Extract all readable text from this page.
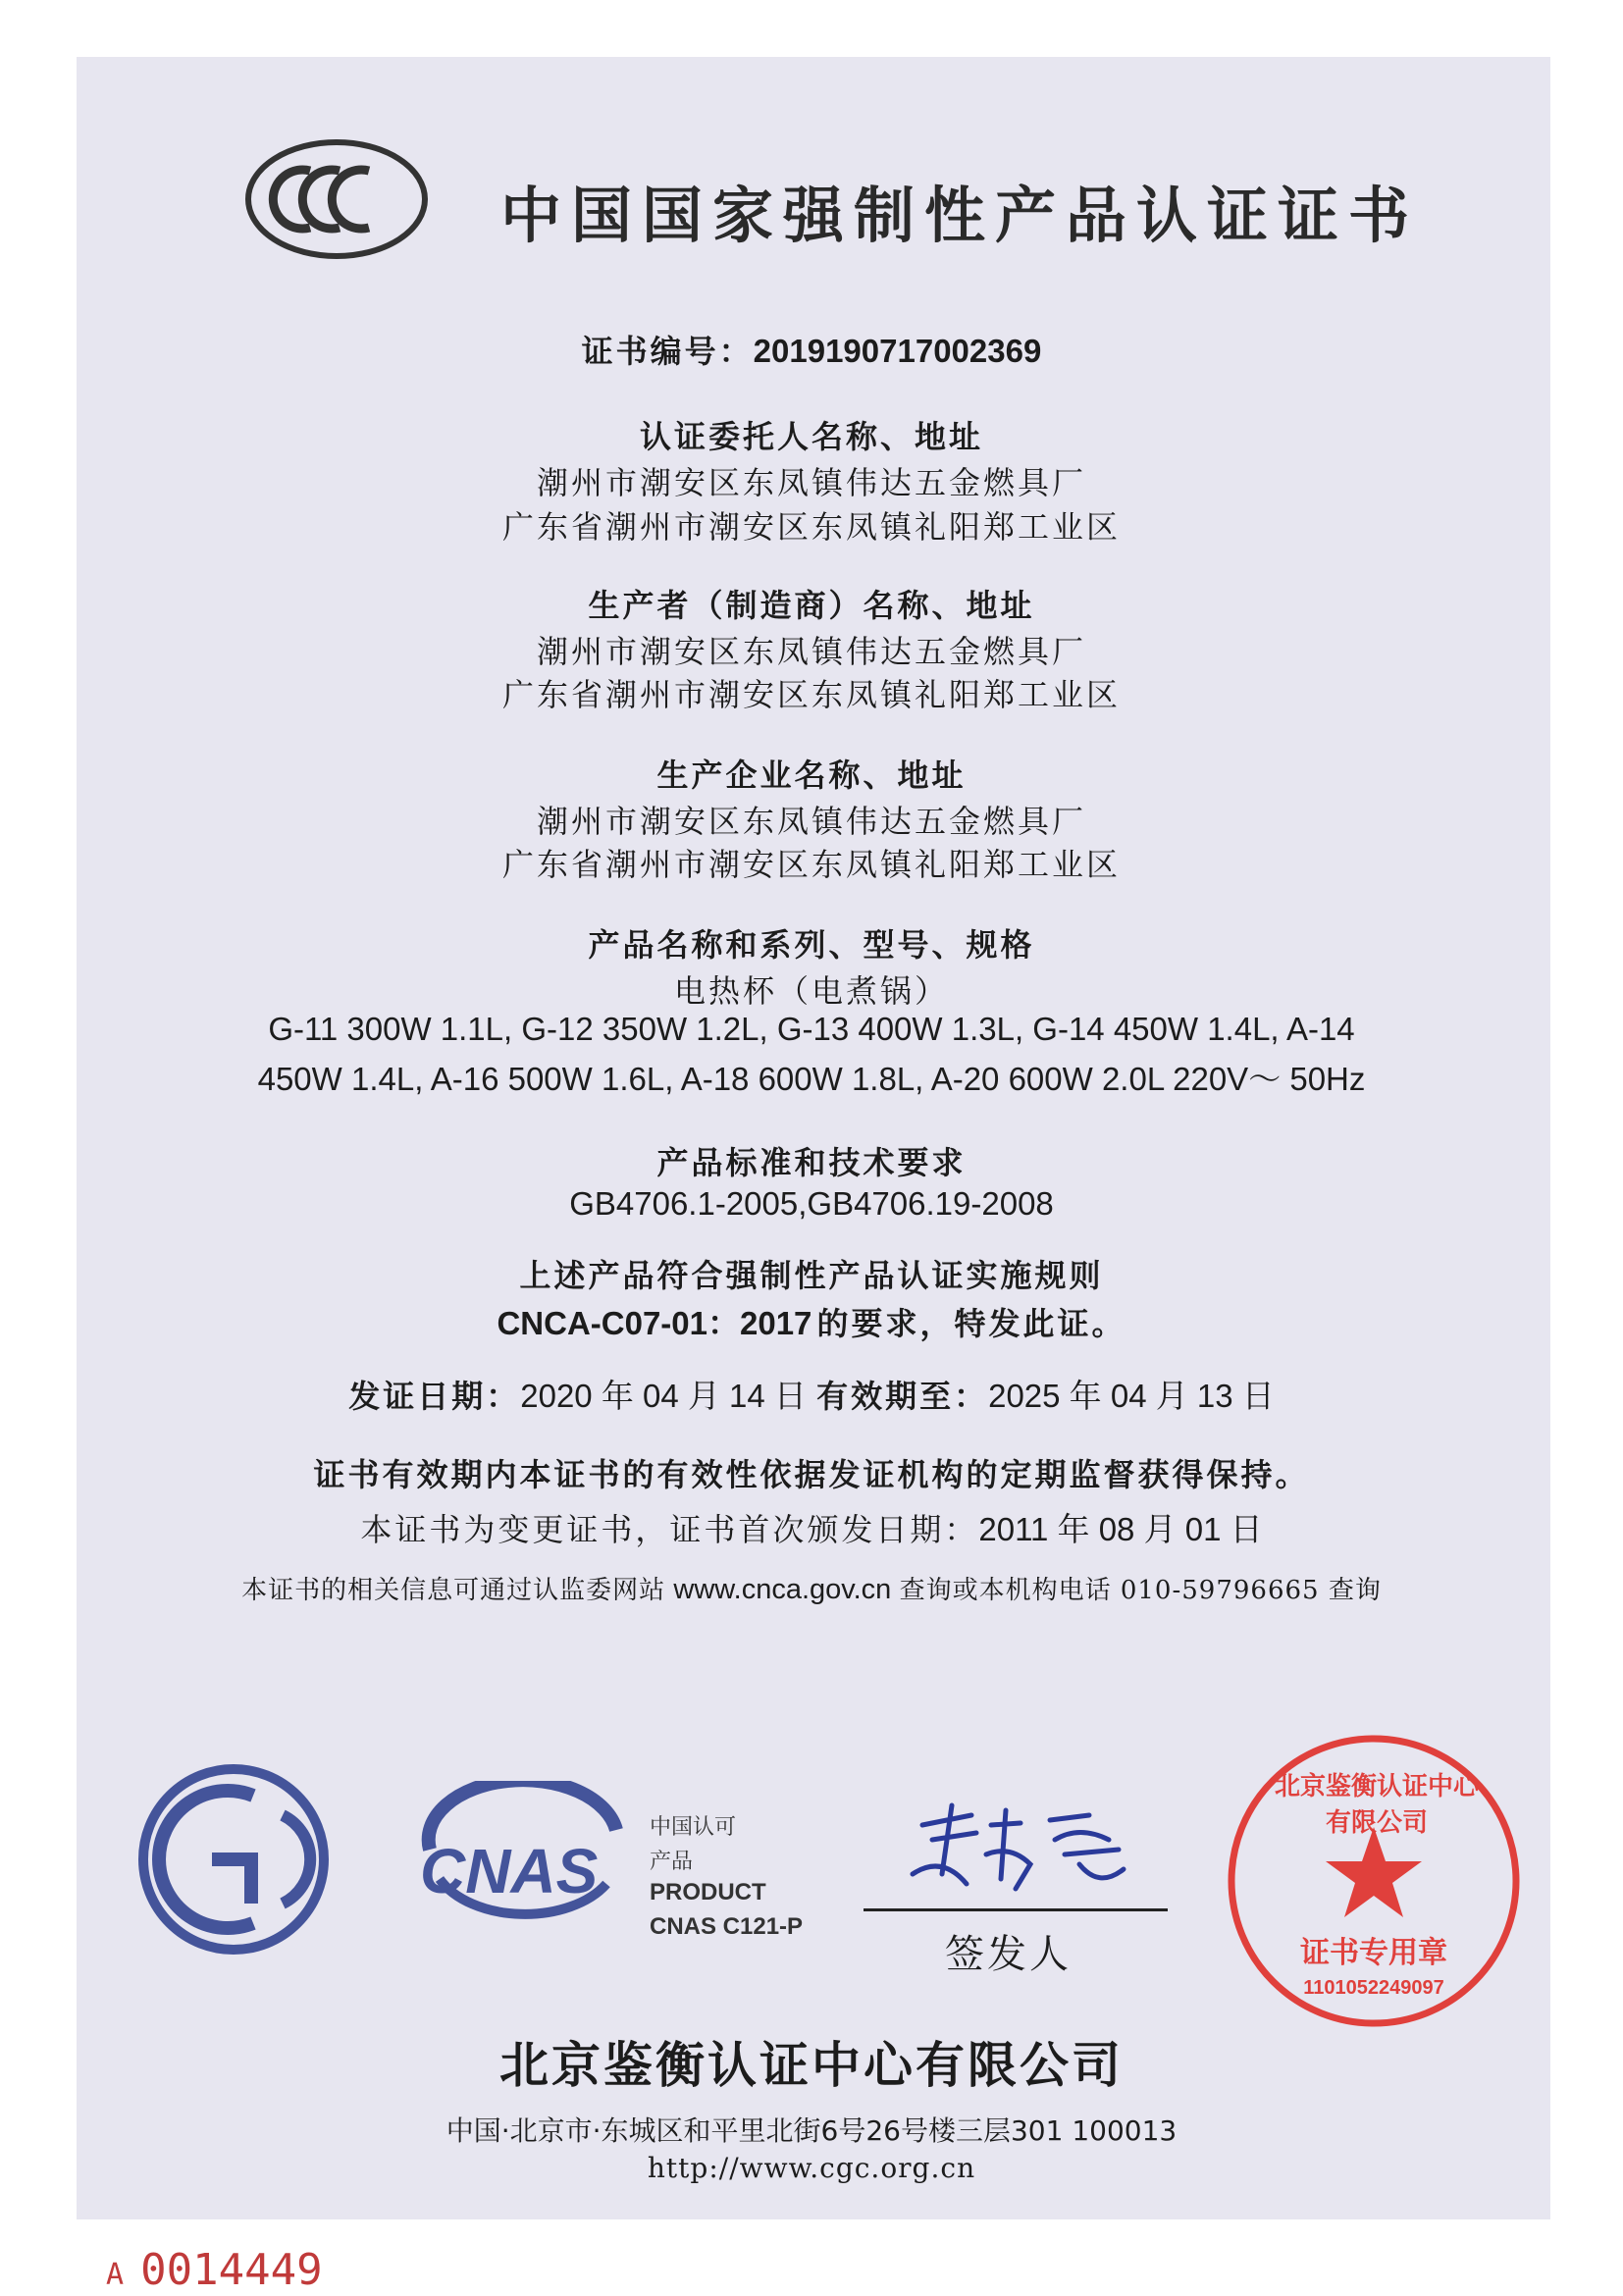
中国国家强制性产品认证证书
证书编号：2019190717002369
认证委托人名称、地址
潮州市潮安区东凤镇伟达五金燃具厂
广东省潮州市潮安区东凤镇礼阳郑工业区
生产者（制造商）名称、地址
潮州市潮安区东凤镇伟达五金燃具厂
广东省潮州市潮安区东凤镇礼阳郑工业区
生产企业名称、地址
潮州市潮安区东凤镇伟达五金燃具厂
广东省潮州市潮安区东凤镇礼阳郑工业区
产品名称和系列、型号、规格
电热杯（电煮锅）
G-11 300W 1.1L, G-12 350W 1.2L, G-13 400W 1.3L, G-14 450W 1.4L, A-14
450W 1.4L, A-16 500W 1.6L, A-18 600W 1.8L, A-20 600W 2.0L 220V～ 50Hz
产品标准和技术要求
GB4706.1-2005,GB4706.19-2008
上述产品符合强制性产品认证实施规则
CNCA-C07-01：2017 的要求，特发此证。
发证日期：2020 年 04 月 14 日 有效期至：2025 年 04 月 13 日
证书有效期内本证书的有效性依据发证机构的定期监督获得保持。
本证书为变更证书，证书首次颁发日期：2011 年 08 月 01 日
本证书的相关信息可通过认监委网站 www.cnca.gov.cn 查询或本机构电话 010-59796665 查询
CNAS
中国认可
产品
PRODUCT
CNAS C121-P
签发人
北京鉴衡认证中心有限公司
证书专用章
1101052249097
北京鉴衡认证中心有限公司
中国·北京市·东城区和平里北街6号26号楼三层301 100013
http://www.cgc.org.cn
A 0014449
